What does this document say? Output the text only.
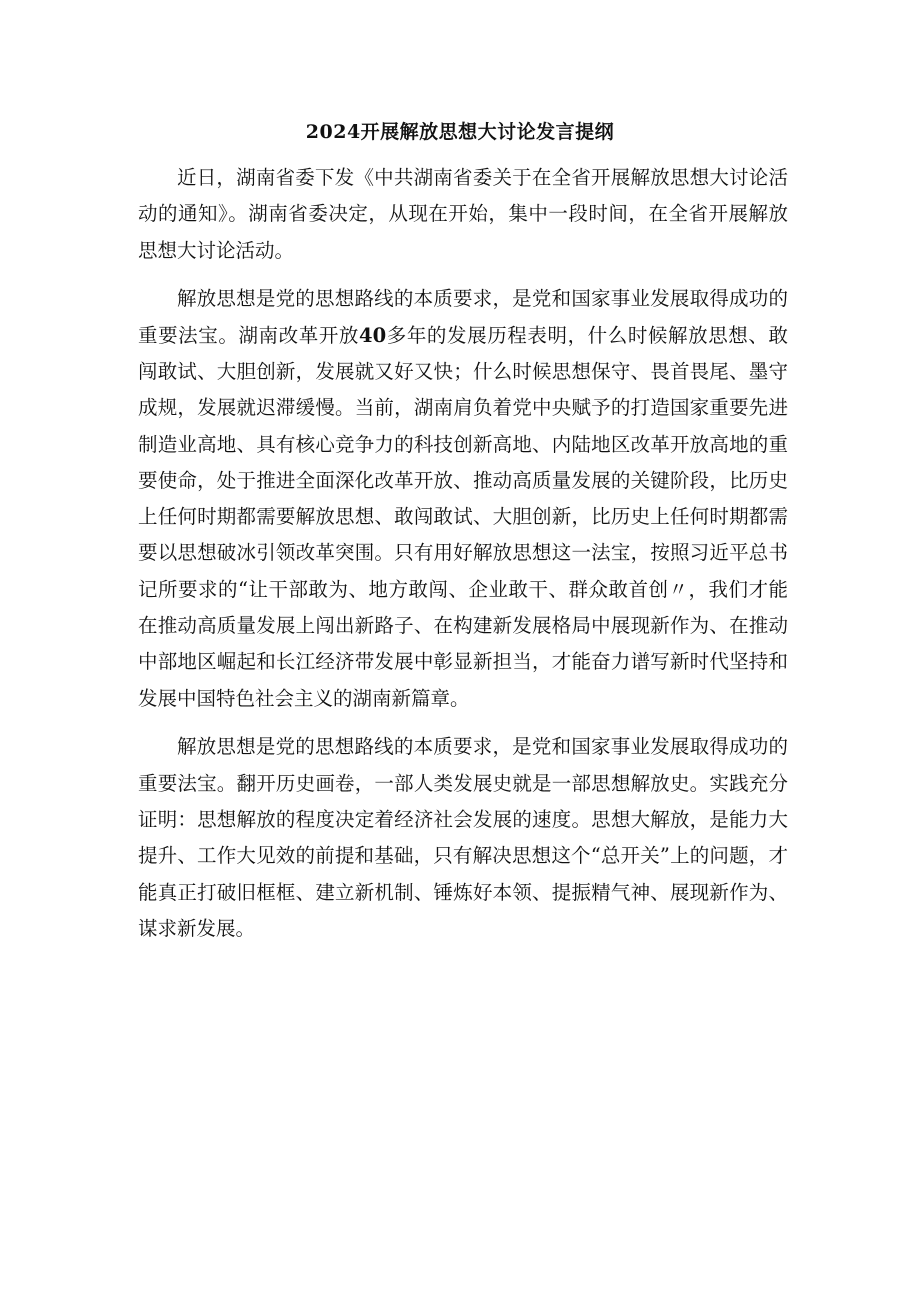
2024开展解放思想大讨论发言提纲

近日，湖南省委下发《中共湖南省委关于在全省开展解放思想大讨论活动的通知》。湖南省委决定，从现在开始，集中一段时间，在全省开展解放思想大讨论活动。

解放思想是党的思想路线的本质要求，是党和国家事业发展取得成功的重要法宝。湖南改革开放40多年的发展历程表明，什么时候解放思想、敢闯敢试、大胆创新，发展就又好又快；什么时候思想保守、畏首畏尾、墨守成规，发展就迟滞缓慢。当前，湖南肩负着党中央赋予的打造国家重要先进制造业高地、具有核心竞争力的科技创新高地、内陆地区改革开放高地的重要使命，处于推进全面深化改革开放、推动高质量发展的关键阶段，比历史上任何时期都需要解放思想、敢闯敢试、大胆创新，比历史上任何时期都需要以思想破冰引领改革突围。只有用好解放思想这一法宝，按照习近平总书记所要求的“让干部敢为、地方敢闯、企业敢干、群众敢首创〃，我们才能在推动高质量发展上闯出新路子、在构建新发展格局中展现新作为、在推动中部地区崛起和长江经济带发展中彰显新担当，才能奋力谱写新时代坚持和发展中国特色社会主义的湖南新篇章。

解放思想是党的思想路线的本质要求，是党和国家事业发展取得成功的重要法宝。翻开历史画卷，一部人类发展史就是一部思想解放史。实践充分证明：思想解放的程度决定着经济社会发展的速度。思想大解放，是能力大提升、工作大见效的前提和基础，只有解决思想这个“总开关”上的问题，才能真正打破旧框框、建立新机制、锤炼好本领、提振精气神、展现新作为、谋求新发展。
